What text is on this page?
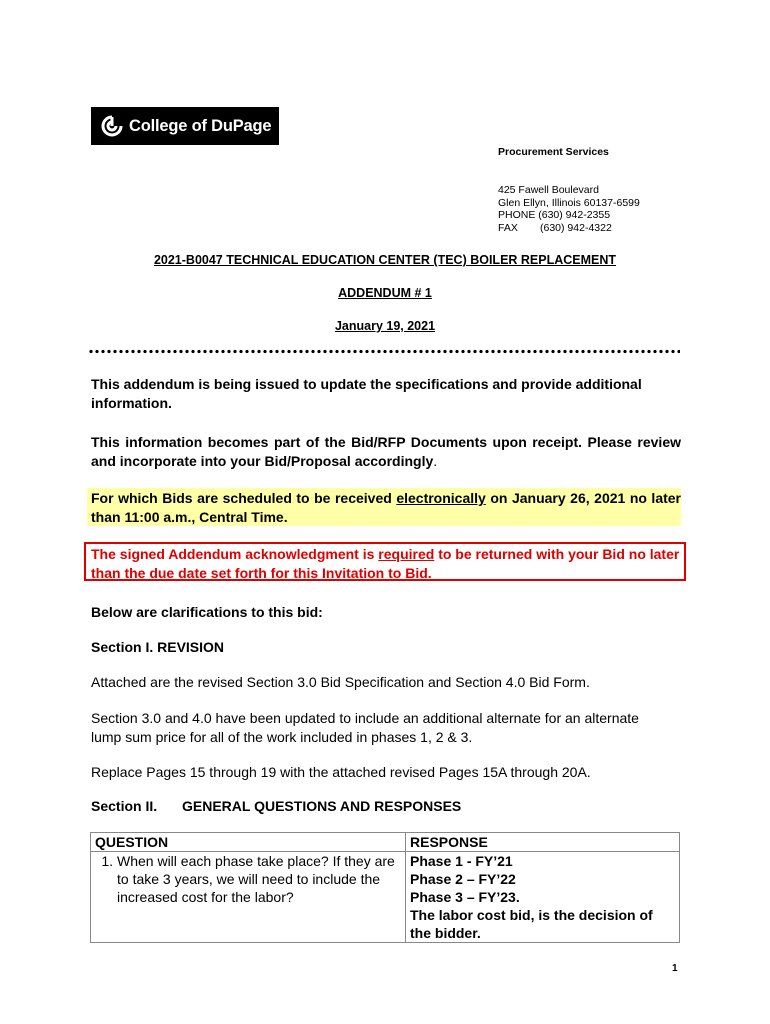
College of DuPage
Procurement Services
425 Fawell Boulevard
Glen Ellyn, Illinois 60137-6599
PHONE (630) 942-2355
FAX (630) 942-4322
2021-B0047 TECHNICAL EDUCATION CENTER (TEC) BOILER REPLACEMENT
ADDENDUM # 1
January 19, 2021
This addendum is being issued to update the specifications and provide additional information.
This information becomes part of the Bid/RFP Documents upon receipt. Please review and incorporate into your Bid/Proposal accordingly.
For which Bids are scheduled to be received electronically on January 26, 2021 no later than 11:00 a.m., Central Time.
The signed Addendum acknowledgment is required to be returned with your Bid no later than the due date set forth for this Invitation to Bid.
Below are clarifications to this bid:
Section I. REVISION
Attached are the revised Section 3.0 Bid Specification and Section 4.0 Bid Form.
Section 3.0 and 4.0 have been updated to include an additional alternate for an alternate lump sum price for all of the work included in phases 1, 2 & 3.
Replace Pages 15 through 19 with the attached revised Pages 15A through 20A.
Section II. GENERAL QUESTIONS AND RESPONSES
QUESTION	RESPONSE
1. When will each phase take place? If they are to take 3 years, we will need to include the increased cost for the labor?	Phase 1 - FY’21
Phase 2 – FY’22
Phase 3 – FY’23.
The labor cost bid, is the decision of the bidder.
1
